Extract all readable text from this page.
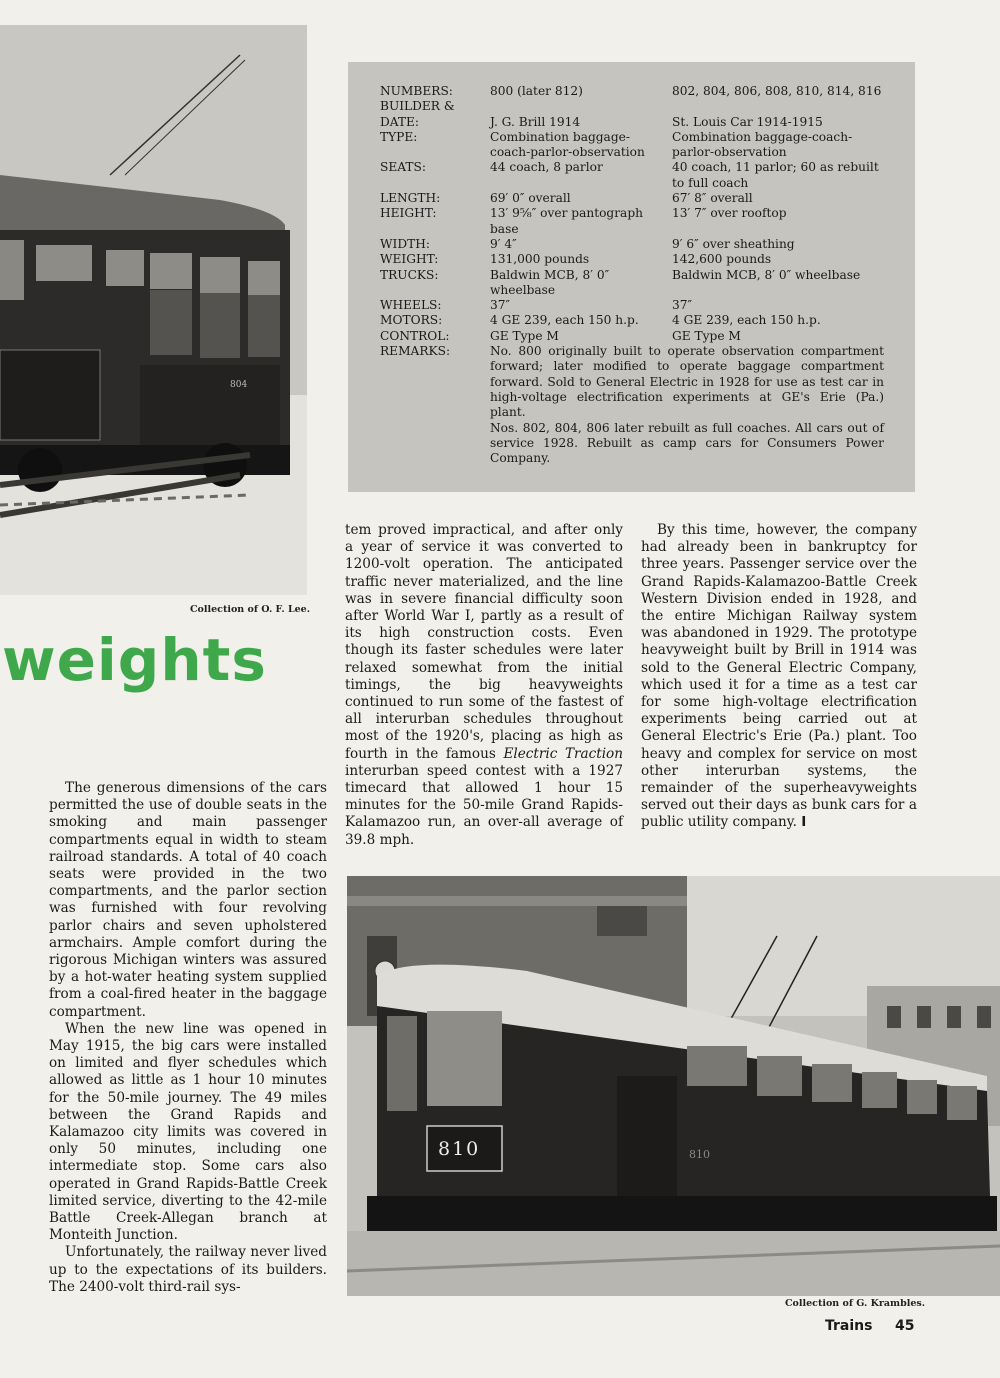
804
Collection of O. F. Lee.
NUMBERS:	800 (later 812)	802, 804, 806, 808, 810, 814, 816
BUILDER &
DATE:	J. G. Brill 1914	St. Louis Car 1914-1915
TYPE:	Combination baggage-	Combination baggage-coach-
coach-parlor-observation	parlor-observation
SEATS:	44 coach, 8 parlor	40 coach, 11 parlor; 60 as rebuilt
to full coach
LENGTH:	69′ 0″ overall	67′ 8″ overall
HEIGHT:	13′ 9⅝″ over pantograph	13′ 7″ over rooftop
base
WIDTH:	9′ 4″	9′ 6″ over sheathing
WEIGHT:	131,000 pounds	142,600 pounds
TRUCKS:	Baldwin MCB, 8′ 0″	Baldwin MCB, 8′ 0″ wheelbase
wheelbase
WHEELS:	37″	37″
MOTORS:	4 GE 239, each 150 h.p.	4 GE 239, each 150 h.p.
CONTROL:	GE Type M	GE Type M
REMARKS:	No. 800 originally built to operate observation compartment forward; later modified to operate baggage compartment forward. Sold to General Electric in 1928 for use as test car in high-voltage electrification experiments at GE's Erie (Pa.) plant.
Nos. 802, 804, 806 later rebuilt as full coaches. All cars out of service 1928. Rebuilt as camp cars for Consumers Power Company.
weights

The generous dimensions of the cars permitted the use of double seats in the smoking and main passenger compartments equal in width to steam railroad standards. A total of 40 coach seats were provided in the two compartments, and the parlor section was furnished with four revolving parlor chairs and seven upholstered armchairs. Ample comfort during the rigorous Michigan winters was assured by a hot-water heating system supplied from a coal-fired heater in the baggage compartment.

When the new line was opened in May 1915, the big cars were installed on limited and flyer schedules which allowed as little as 1 hour 10 minutes for the 50-mile journey. The 49 miles between the Grand Rapids and Kalamazoo city limits was covered in only 50 minutes, including one intermediate stop. Some cars also operated in Grand Rapids-Battle Creek limited service, diverting to the 42-mile Battle Creek-Allegan branch at Monteith Junction.

Unfortunately, the railway never lived up to the expectations of its builders. The 2400-volt third-rail sys-

tem proved impractical, and after only a year of service it was converted to 1200-volt operation. The anticipated traffic never materialized, and the line was in severe financial difficulty soon after World War I, partly as a result of its high construction costs. Even though its faster schedules were later relaxed somewhat from the initial timings, the big heavyweights continued to run some of the fastest of all interurban schedules throughout most of the 1920's, placing as high as fourth in the famous Electric Traction interurban speed contest with a 1927 timecard that allowed 1 hour 15 minutes for the 50-mile Grand Rapids-Kalamazoo run, an over-all average of 39.8 mph.

By this time, however, the company had already been in bankruptcy for three years. Passenger service over the Grand Rapids-Kalamazoo-Battle Creek Western Division ended in 1928, and the entire Michigan Railway system was abandoned in 1929. The prototype heavyweight built by Brill in 1914 was sold to the General Electric Company, which used it for a time as a test car for some high-voltage electrification experiments being carried out at General Electric's Erie (Pa.) plant. Too heavy and complex for service on most other interurban systems, the remainder of the superheavyweights served out their days as bunk cars for a public utility company. I

810	810
Collection of G. Krambles.
Trains 45
